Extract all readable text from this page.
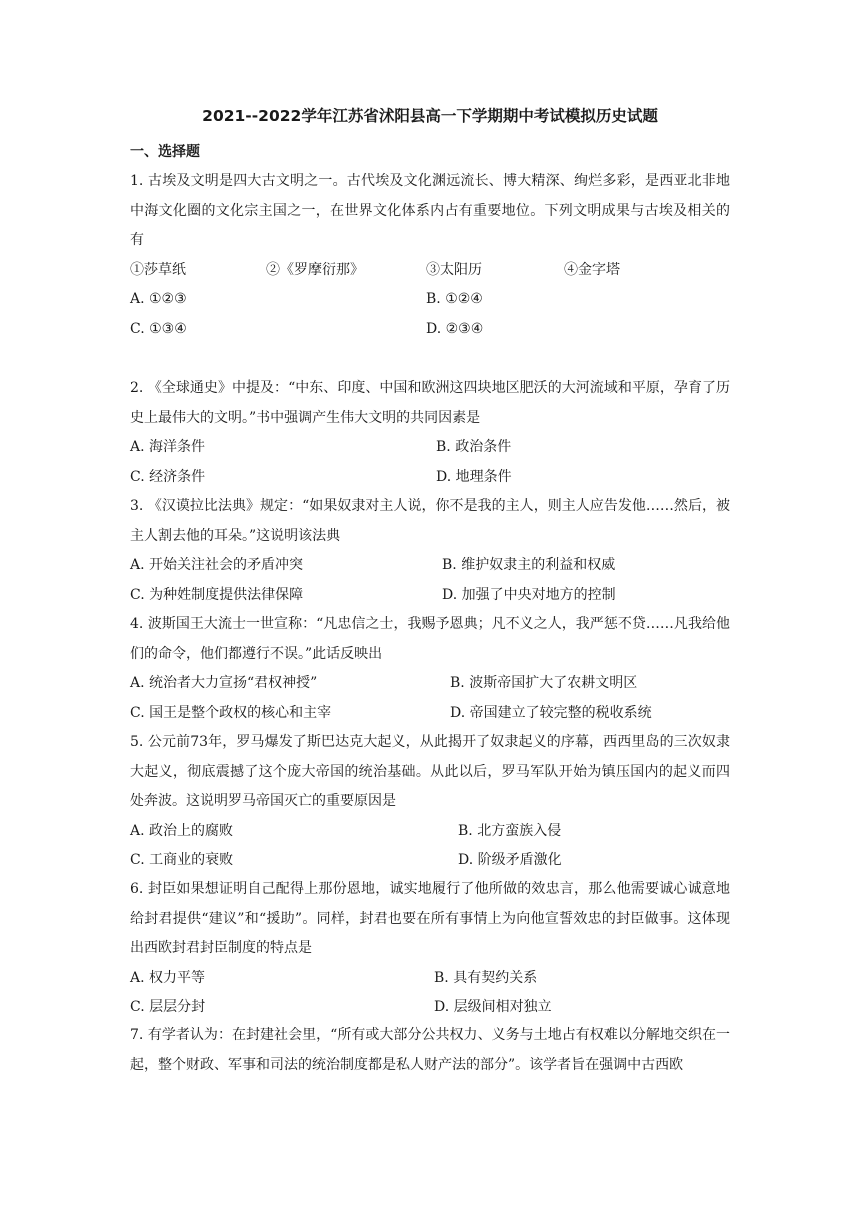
2021--2022学年江苏省沭阳县高一下学期期中考试模拟历史试题
一、选择题
1. 古埃及文明是四大古文明之一。古代埃及文化渊远流长、博大精深、绚烂多彩，是西亚北非地中海文化圈的文化宗主国之一，在世界文化体系内占有重要地位。下列文明成果与古埃及相关的有
①莎草纸	②《罗摩衍那》	③太阳历	④金字塔
A. ①②③	B. ①②④
C. ①③④	D. ②③④
2. 《全球通史》中提及：“中东、印度、中国和欧洲这四块地区肥沃的大河流域和平原，孕育了历史上最伟大的文明。”书中强调产生伟大文明的共同因素是
A. 海洋条件	B. 政治条件
C. 经济条件	D. 地理条件
3. 《汉谟拉比法典》规定：“如果奴隶对主人说，你不是我的主人，则主人应告发他……然后，被主人割去他的耳朵。”这说明该法典
A. 开始关注社会的矛盾冲突	B. 维护奴隶主的利益和权威
C. 为种姓制度提供法律保障	D. 加强了中央对地方的控制
4. 波斯国王大流士一世宣称：“凡忠信之士，我赐予恩典；凡不义之人，我严惩不贷……凡我给他们的命令，他们都遵行不误。”此话反映出
A. 统治者大力宣扬“君权神授”	B. 波斯帝国扩大了农耕文明区
C. 国王是整个政权的核心和主宰	D. 帝国建立了较完整的税收系统
5. 公元前73年，罗马爆发了斯巴达克大起义，从此揭开了奴隶起义的序幕，西西里岛的三次奴隶大起义，彻底震撼了这个庞大帝国的统治基础。从此以后，罗马军队开始为镇压国内的起义而四处奔波。这说明罗马帝国灭亡的重要原因是
A. 政治上的腐败	B. 北方蛮族入侵
C. 工商业的衰败	D. 阶级矛盾激化
6. 封臣如果想证明自己配得上那份恩地，诚实地履行了他所做的效忠言，那么他需要诚心诚意地给封君提供“建议”和“援助”。同样，封君也要在所有事情上为向他宣誓效忠的封臣做事。这体现出西欧封君封臣制度的特点是
A. 权力平等	B. 具有契约关系
C. 层层分封	D. 层级间相对独立
7. 有学者认为：在封建社会里，“所有或大部分公共权力、义务与土地占有权难以分解地交织在一起，整个财政、军事和司法的统治制度都是私人财产法的部分”。该学者旨在强调中古西欧
